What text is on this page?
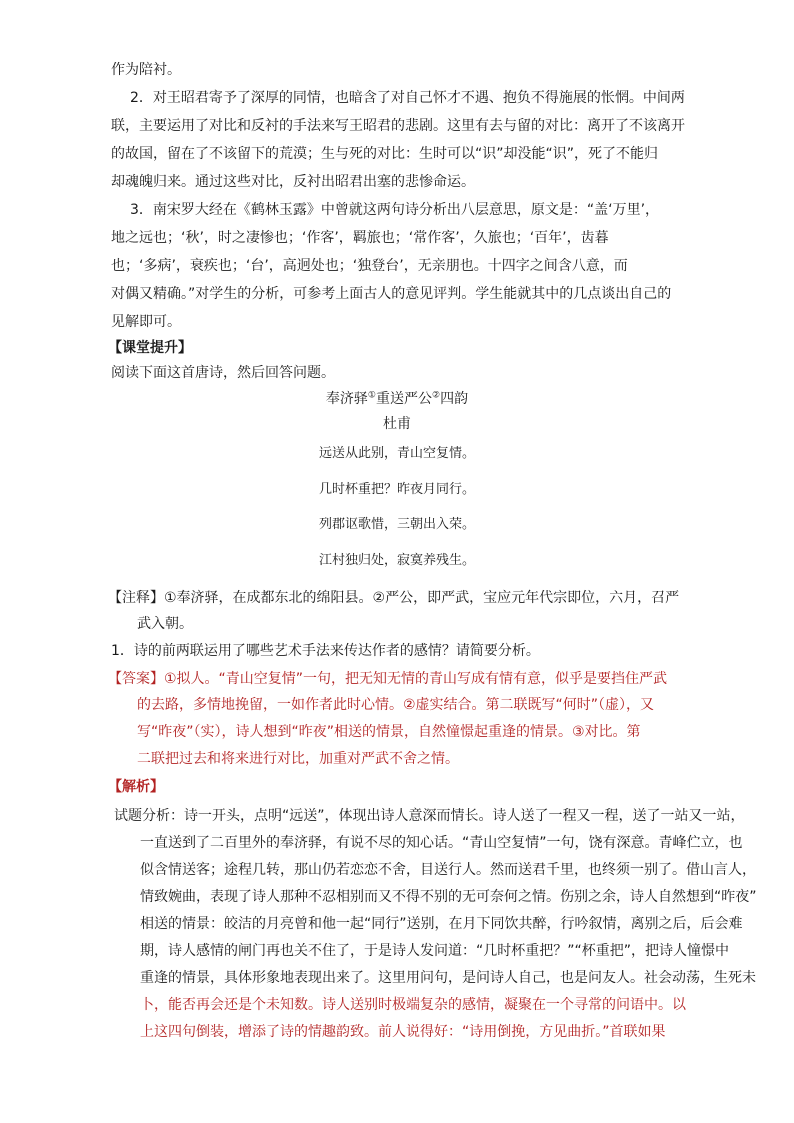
作为陪衬。
2．对王昭君寄予了深厚的同情，也暗含了对自己怀才不遇、抱负不得施展的怅惘。中间两
联，主要运用了对比和反衬的手法来写王昭君的悲剧。这里有去与留的对比：离开了不该离开
的故国，留在了不该留下的荒漠；生与死的对比：生时可以“识”却没能“识”，死了不能归
却魂魄归来。通过这些对比，反衬出昭君出塞的悲惨命运。
3．南宋罗大经在《鹤林玉露》中曾就这两句诗分析出八层意思，原文是：“盖‘万里’，
地之远也；‘秋’，时之凄惨也；‘作客’，羁旅也；‘常作客’，久旅也；‘百年’，齿暮
也；‘多病’，衰疾也；‘台’，高迥处也；‘独登台’，无亲朋也。十四字之间含八意，而
对偶又精确。”对学生的分析，可参考上面古人的意见评判。学生能就其中的几点谈出自己的
见解即可。
【课堂提升】
阅读下面这首唐诗，然后回答问题。
奉济驿①重送严公②四韵
杜甫
远送从此别，青山空复情。
几时杯重把？昨夜月同行。
列郡讴歌惜，三朝出入荣。
江村独归处，寂寞养残生。
【注释】①奉济驿，在成都东北的绵阳县。②严公，即严武，宝应元年代宗即位，六月，召严
武入朝。
1．诗的前两联运用了哪些艺术手法来传达作者的感情？请简要分析。
【答案】①拟人。“青山空复情”一句，把无知无情的青山写成有情有意，似乎是要挡住严武
的去路，多情地挽留，一如作者此时心情。②虚实结合。第二联既写“何时”（虚），又
写“昨夜”（实），诗人想到“昨夜”相送的情景，自然憧憬起重逢的情景。③对比。第
二联把过去和将来进行对比，加重对严武不舍之情。
【解析】
试题分析：诗一开头，点明“远送”，体现出诗人意深而情长。诗人送了一程又一程，送了一站又一站，
一直送到了二百里外的奉济驿，有说不尽的知心话。“青山空复情”一句，饶有深意。青峰伫立，也
似含情送客；途程几转，那山仍若恋恋不舍，目送行人。然而送君千里，也终须一别了。借山言人，
情致婉曲，表现了诗人那种不忍相别而又不得不别的无可奈何之情。伤别之余，诗人自然想到“昨夜”
相送的情景：皎洁的月亮曾和他一起“同行”送别，在月下同饮共醉，行吟叙情，离别之后，后会难
期，诗人感情的闸门再也关不住了，于是诗人发问道：“几时杯重把？”“杯重把”，把诗人憧憬中
重逢的情景，具体形象地表现出来了。这里用问句，是问诗人自己，也是问友人。社会动荡，生死未
卜，能否再会还是个未知数。诗人送别时极端复杂的感情，凝聚在一个寻常的问语中。以
上这四句倒装，增添了诗的情趣韵致。前人说得好：“诗用倒挽，方见曲折。”首联如果
